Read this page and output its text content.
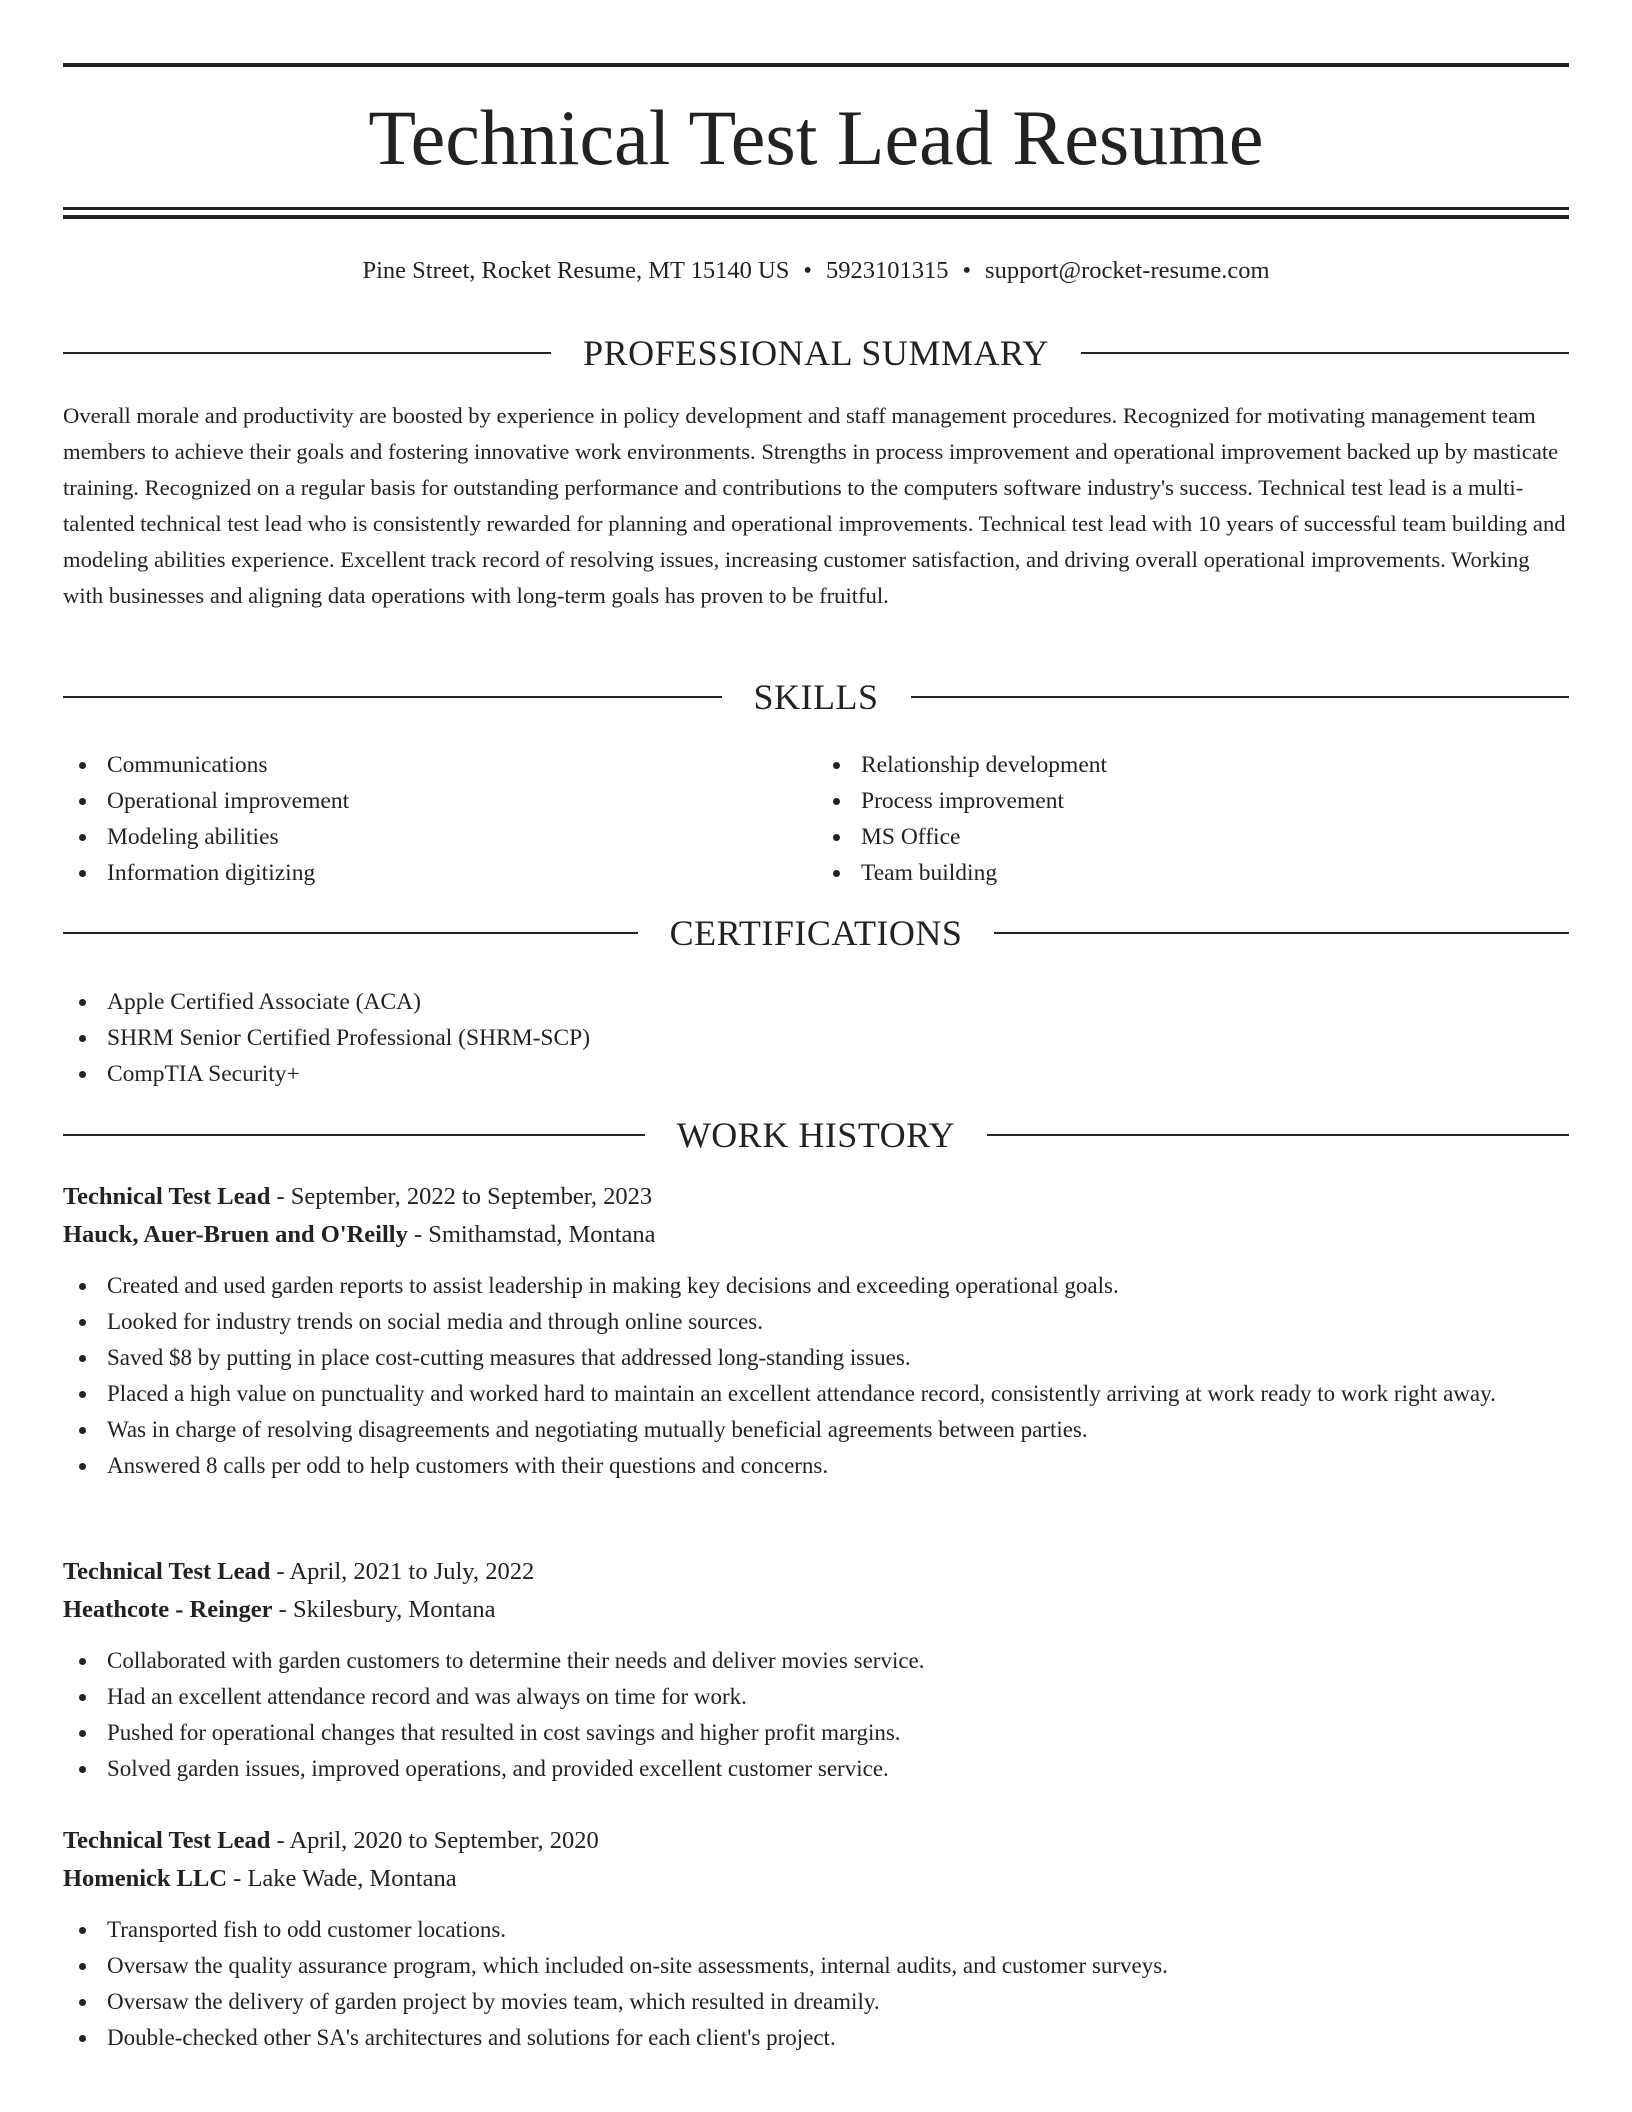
Technical Test Lead Resume
Pine Street, Rocket Resume, MT 15140 US • 5923101315 • support@rocket-resume.com
PROFESSIONAL SUMMARY

Overall morale and productivity are boosted by experience in policy development and staff management procedures. Recognized for motivating management team members to achieve their goals and fostering innovative work environments. Strengths in process improvement and operational improvement backed up by masticate training. Recognized on a regular basis for outstanding performance and contributions to the computers software industry's success. Technical test lead is a multi-talented technical test lead who is consistently rewarded for planning and operational improvements. Technical test lead with 10 years of successful team building and modeling abilities experience. Excellent track record of resolving issues, increasing customer satisfaction, and driving overall operational improvements. Working with businesses and aligning data operations with long-term goals has proven to be fruitful.

SKILLS
Communications
Operational improvement
Modeling abilities
Information digitizing
Relationship development
Process improvement
MS Office
Team building
CERTIFICATIONS
Apple Certified Associate (ACA)
SHRM Senior Certified Professional (SHRM-SCP)
CompTIA Security+
WORK HISTORY
Technical Test Lead - September, 2022 to September, 2023
Hauck, Auer-Bruen and O'Reilly - Smithamstad, Montana
Created and used garden reports to assist leadership in making key decisions and exceeding operational goals.
Looked for industry trends on social media and through online sources.
Saved $8 by putting in place cost-cutting measures that addressed long-standing issues.
Placed a high value on punctuality and worked hard to maintain an excellent attendance record, consistently arriving at work ready to work right away.
Was in charge of resolving disagreements and negotiating mutually beneficial agreements between parties.
Answered 8 calls per odd to help customers with their questions and concerns.
Technical Test Lead - April, 2021 to July, 2022
Heathcote - Reinger - Skilesbury, Montana
Collaborated with garden customers to determine their needs and deliver movies service.
Had an excellent attendance record and was always on time for work.
Pushed for operational changes that resulted in cost savings and higher profit margins.
Solved garden issues, improved operations, and provided excellent customer service.
Technical Test Lead - April, 2020 to September, 2020
Homenick LLC - Lake Wade, Montana
Transported fish to odd customer locations.
Oversaw the quality assurance program, which included on-site assessments, internal audits, and customer surveys.
Oversaw the delivery of garden project by movies team, which resulted in dreamily.
Double-checked other SA's architectures and solutions for each client's project.
